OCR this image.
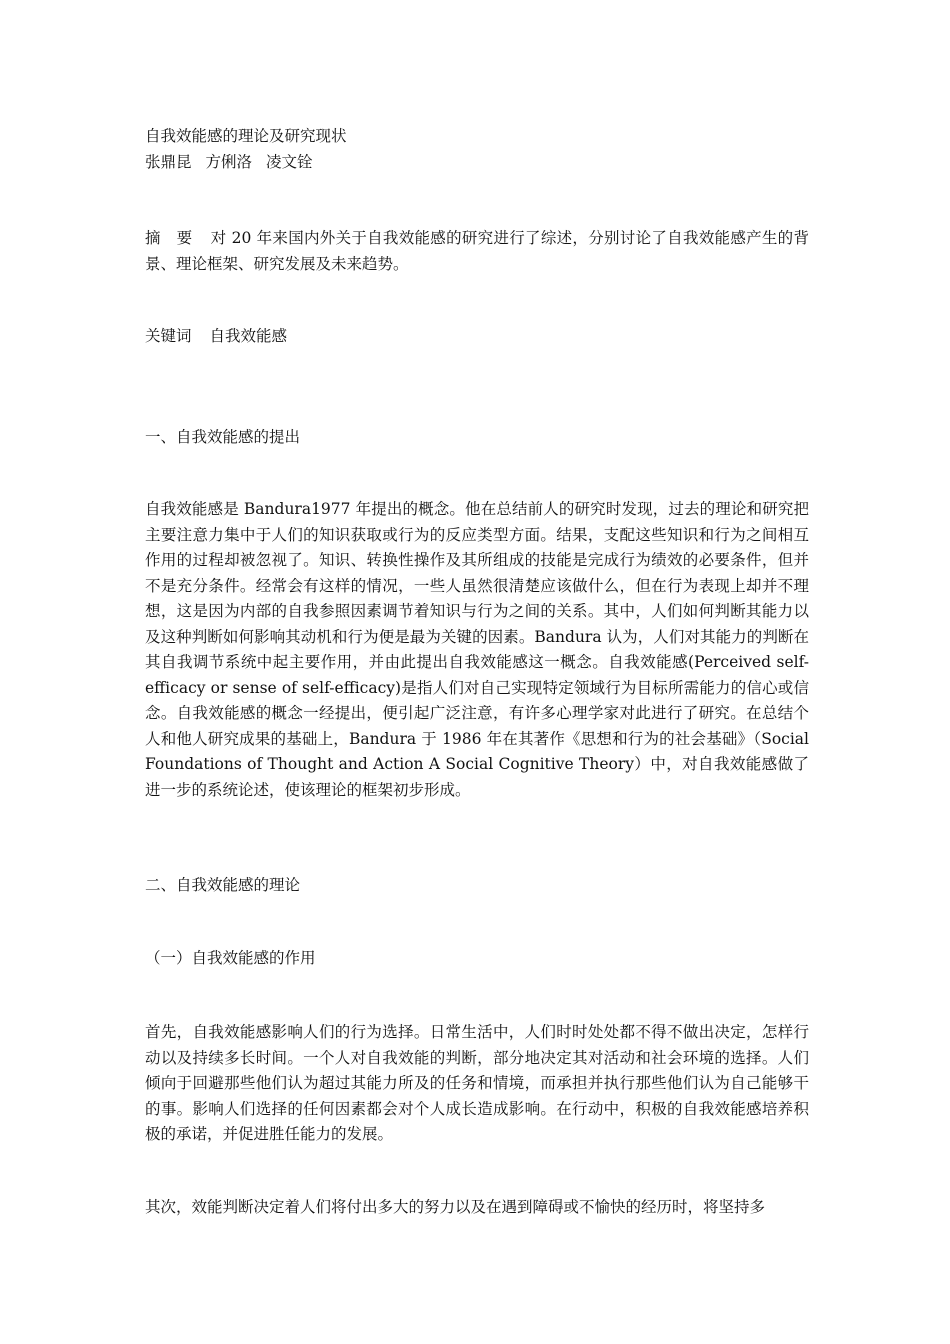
自我效能感的理论及研究现状
张鼎昆 方俐洛 凌文铨
摘　要 对 20 年来国内外关于自我效能感的研究进行了综述，分别讨论了自我效能感产生的背景、理论框架、研究发展及未来趋势。
关键词 自我效能感
一、自我效能感的提出
自我效能感是 Bandura1977 年提出的概念。他在总结前人的研究时发现，过去的理论和研究把主要注意力集中于人们的知识获取或行为的反应类型方面。结果，支配这些知识和行为之间相互作用的过程却被忽视了。知识、转换性操作及其所组成的技能是完成行为绩效的必要条件，但并不是充分条件。经常会有这样的情况，一些人虽然很清楚应该做什么，但在行为表现上却并不理想，这是因为内部的自我参照因素调节着知识与行为之间的关系。其中，人们如何判断其能力以及这种判断如何影响其动机和行为便是最为关键的因素。Bandura 认为，人们对其能力的判断在其自我调节系统中起主要作用，并由此提出自我效能感这一概念。自我效能感(Perceived self-efficacy or sense of self-efficacy)是指人们对自己实现特定领域行为目标所需能力的信心或信念。自我效能感的概念一经提出，便引起广泛注意，有许多心理学家对此进行了研究。在总结个人和他人研究成果的基础上，Bandura 于 1986 年在其著作《思想和行为的社会基础》（Social Foundations of Thought and Action A Social Cognitive Theory）中，对自我效能感做了进一步的系统论述，使该理论的框架初步形成。
二、自我效能感的理论
（一）自我效能感的作用
首先，自我效能感影响人们的行为选择。日常生活中，人们时时处处都不得不做出决定，怎样行动以及持续多长时间。一个人对自我效能的判断，部分地决定其对活动和社会环境的选择。人们倾向于回避那些他们认为超过其能力所及的任务和情境，而承担并执行那些他们认为自己能够干的事。影响人们选择的任何因素都会对个人成长造成影响。在行动中，积极的自我效能感培养积极的承诺，并促进胜任能力的发展。
其次，效能判断决定着人们将付出多大的努力以及在遇到障碍或不愉快的经历时，将坚持多
